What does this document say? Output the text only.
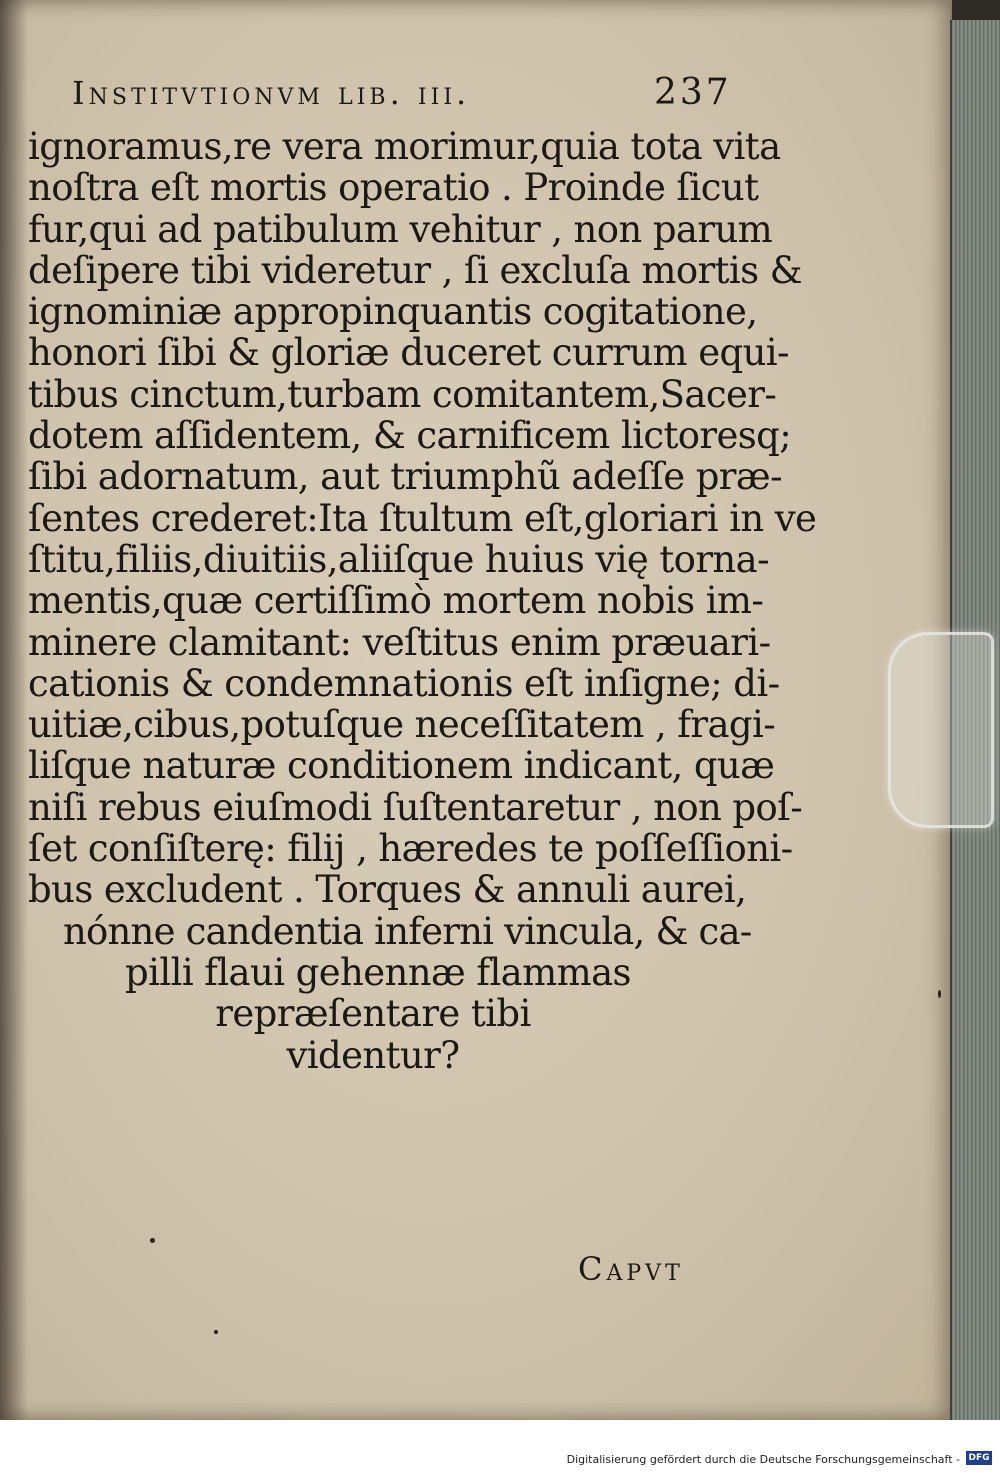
Institvtionvm lib. iii.	237
ignoramus,re vera morimur,quia tota vita
noſtra eſt mortis operatio . Proinde ſicut
fur,qui ad patibulum vehitur , non parum
deſipere tibi videretur , ſi excluſa mortis &
ignominiæ appropinquantis cogitatione,
honori ſibi & gloriæ duceret currum equi-
tibus cinctum,turbam comitantem,Sacer-
dotem aſſidentem, & carnificem lictoresq;
ſibi adornatum, aut triumphũ adeſſe præ-
ſentes crederet:Ita ſtultum eſt,gloriari in ve
ſtitu,filiis,diuitiis,aliiſque huius vię torna-
mentis,quæ certiſſimò mortem nobis im-
minere clamitant: veſtitus enim præuari-
cationis & condemnationis eſt inſigne; di-
uitiæ,cibus,potuſque neceſſitatem , fragi-
liſque naturæ conditionem indicant, quæ
niſi rebus eiuſmodi ſuſtentaretur , non poſ-
ſet conſiſterę: filij , hæredes te poſſeſſioni-
bus excludent . Torques & annuli aurei,
nónne candentia inferni vincula, & ca-
pilli flaui gehennæ flammas
repræſentare tibi
videntur?
Capvt
Digitalisierung gefördert durch die Deutsche Forschungsgemeinschaft - DFG
